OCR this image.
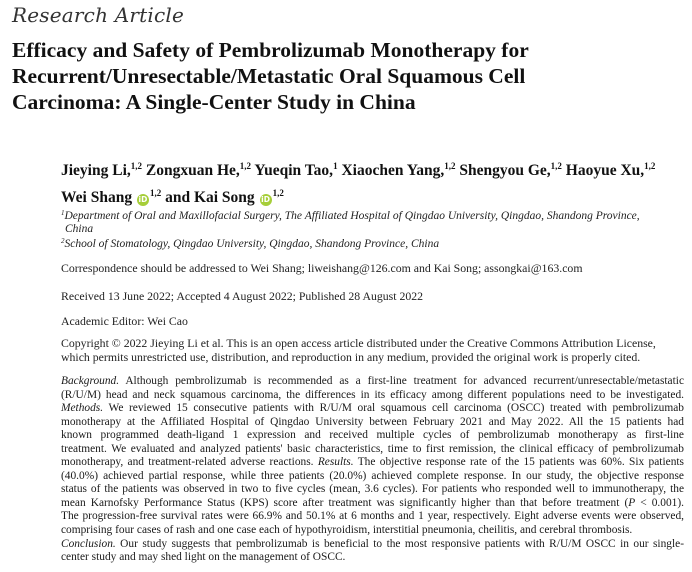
Research Article
Efficacy and Safety of Pembrolizumab Monotherapy for
Recurrent/Unresectable/Metastatic Oral Squamous Cell
Carcinoma: A Single-Center Study in China
Jieying Li,$^{1,2}$ Zongxuan He,$^{1,2}$ Yueqin Tao,$^1$ Xiaochen Yang,$^{1,2}$ Shengyou Ge,$^{1,2}$ Haoyue Xu,$^{1,2}$
Wei Shang iD$^{1,2}$ and Kai Song iD$^{1,2}$
$^1$Department of Oral and Maxillofacial Surgery, The Affiliated Hospital of Qingdao University, Qingdao, Shandong Province,
China
$^2$School of Stomatology, Qingdao University, Qingdao, Shandong Province, China
Correspondence should be addressed to Wei Shang; liweishang@126.com and Kai Song; assongkai@163.com
Received 13 June 2022; Accepted 4 August 2022; Published 28 August 2022
Academic Editor: Wei Cao
Copyright © 2022 Jieying Li et al. This is an open access article distributed under the Creative Commons Attribution License,
which permits unrestricted use, distribution, and reproduction in any medium, provided the original work is properly cited.
Background. Although pembrolizumab is recommended as a first-line treatment for advanced recurrent/unresectable/metastatic
(R/U/M) head and neck squamous carcinoma, the differences in its efficacy among different populations need to be investigated.
Methods. We reviewed 15 consecutive patients with R/U/M oral squamous cell carcinoma (OSCC) treated with pembrolizumab
monotherapy at the Affiliated Hospital of Qingdao University between February 2021 and May 2022. All the 15 patients had
known programmed death-ligand 1 expression and received multiple cycles of pembrolizumab monotherapy as first-line
treatment. We evaluated and analyzed patients' basic characteristics, time to first remission, the clinical efficacy of pembrolizumab
monotherapy, and treatment-related adverse reactions. Results. The objective response rate of the 15 patients was 60%. Six patients
(40.0%) achieved partial response, while three patients (20.0%) achieved complete response. In our study, the objective response
status of the patients was observed in two to five cycles (mean, 3.6 cycles). For patients who responded well to immunotherapy, the
mean Karnofsky Performance Status (KPS) score after treatment was significantly higher than that before treatment (P < 0.001).
The progression-free survival rates were 66.9% and 50.1% at 6 months and 1 year, respectively. Eight adverse events were observed,
comprising four cases of rash and one case each of hypothyroidism, interstitial pneumonia, cheilitis, and cerebral thrombosis.
Conclusion. Our study suggests that pembrolizumab is beneficial to the most responsive patients with R/U/M OSCC in our single-
center study and may shed light on the management of OSCC.
